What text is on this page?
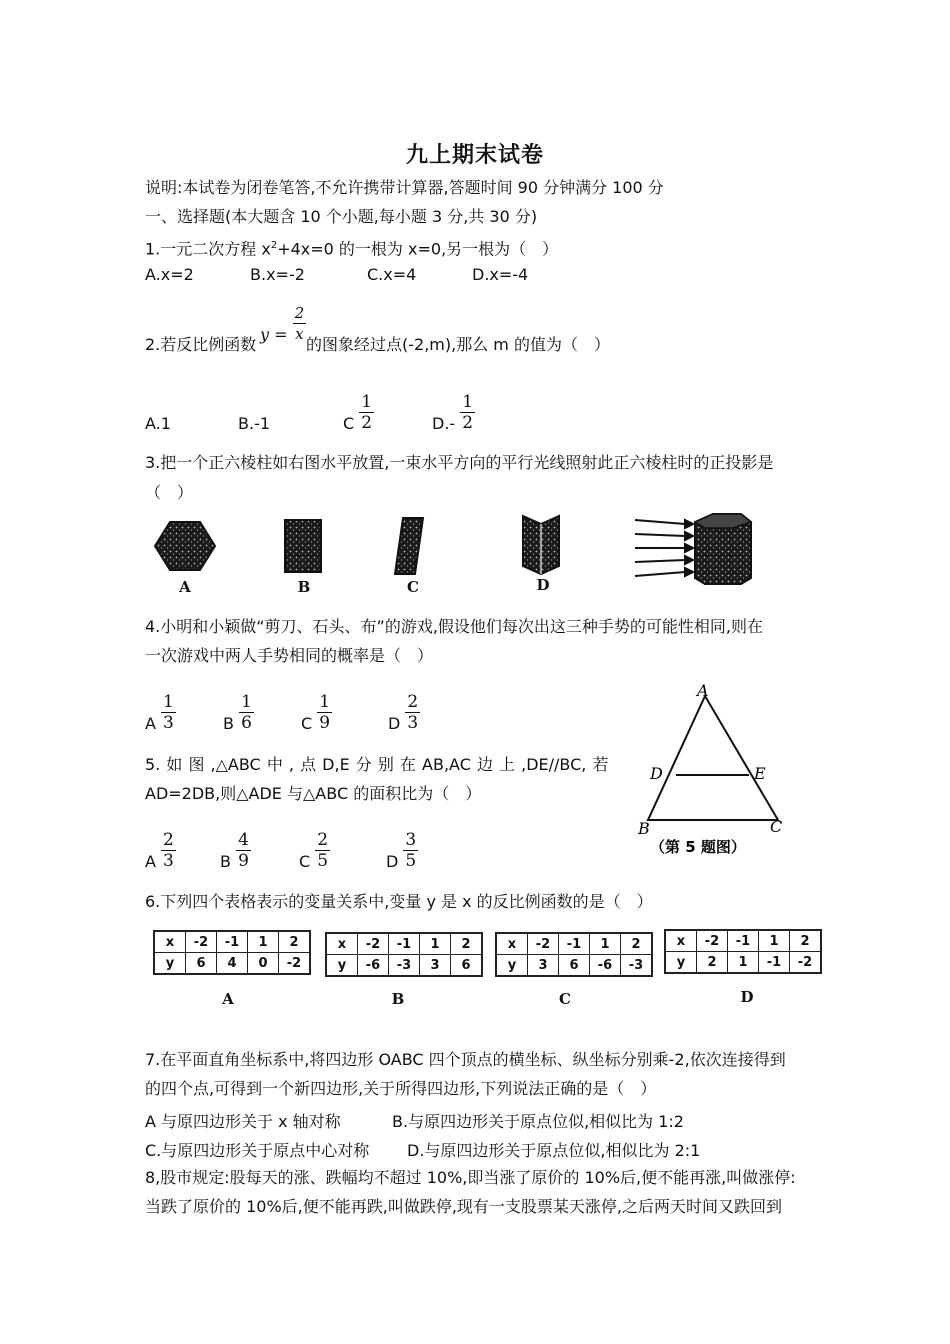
九上期末试卷
说明:本试卷为闭卷笔答,不允许携带计算器,答题时间 90 分钟满分 100 分
一、选择题(本大题含 10 个小题,每小题 3 分,共 30 分)
1.一元二次方程 $x^2+4x=0$ 的一根为 x=0,另一根为（　）
A.x=2	B.x=-2	C.x=4	D.x=-4
2.若反比例函数
$y = \frac{2}{x}$
的图象经过点(-2,m),那么 m 的值为（　）
A.1	B.-1	C $\frac{1}{2}$	$D.- \frac{1}{2}$
3.把一个正六棱柱如右图水平放置,一束水平方向的平行光线照射此正六棱柱时的正投影是
（　）
A	B	C	D
4.小明和小颖做“剪刀、石头、布”的游戏,假设他们每次出这三种手势的可能性相同,则在
一次游戏中两人手势相同的概率是（　）
A $\frac{1}{3}$	B $\frac{1}{6}$	C $\frac{1}{9}$	D $\frac{2}{3}$
A
D	E
B	C
（第 5 题图）
5. 如 图 ,△ABC 中 , 点 D,E 分 别 在 AB,AC 边 上 ,DE//BC, 若
AD=2DB,则△ADE 与△ABC 的面积比为（　）
A $\frac{2}{3}$	B $\frac{4}{9}$	C $\frac{2}{5}$	D $\frac{3}{5}$
6.下列四个表格表示的变量关系中,变量 y 是 x 的反比例函数的是（　）
x	-2	-1	1	2
y	6	4	0	-2
x	-2	-1	1	2
y	-6	-3	3	6
x	-2	-1	1	2
y	3	6	-6	-3
x	-2	-1	1	2
y	2	1	-1	-2
A	B	C	D
7.在平面直角坐标系中,将四边形 OABC 四个顶点的横坐标、纵坐标分别乘-2,依次连接得到
的四个点,可得到一个新四边形,关于所得四边形,下列说法正确的是（　）
A 与原四边形关于 x 轴对称	B.与原四边形关于原点位似,相似比为 1:2
C.与原四边形关于原点中心对称 D.与原四边形关于原点位似,相似比为 2:1
8,股市规定:股每天的涨、跌幅均不超过 10%,即当涨了原价的 10%后,便不能再涨,叫做涨停:
当跌了原价的 10%后,便不能再跌,叫做跌停,现有一支股票某天涨停,之后两天时间又跌回到
